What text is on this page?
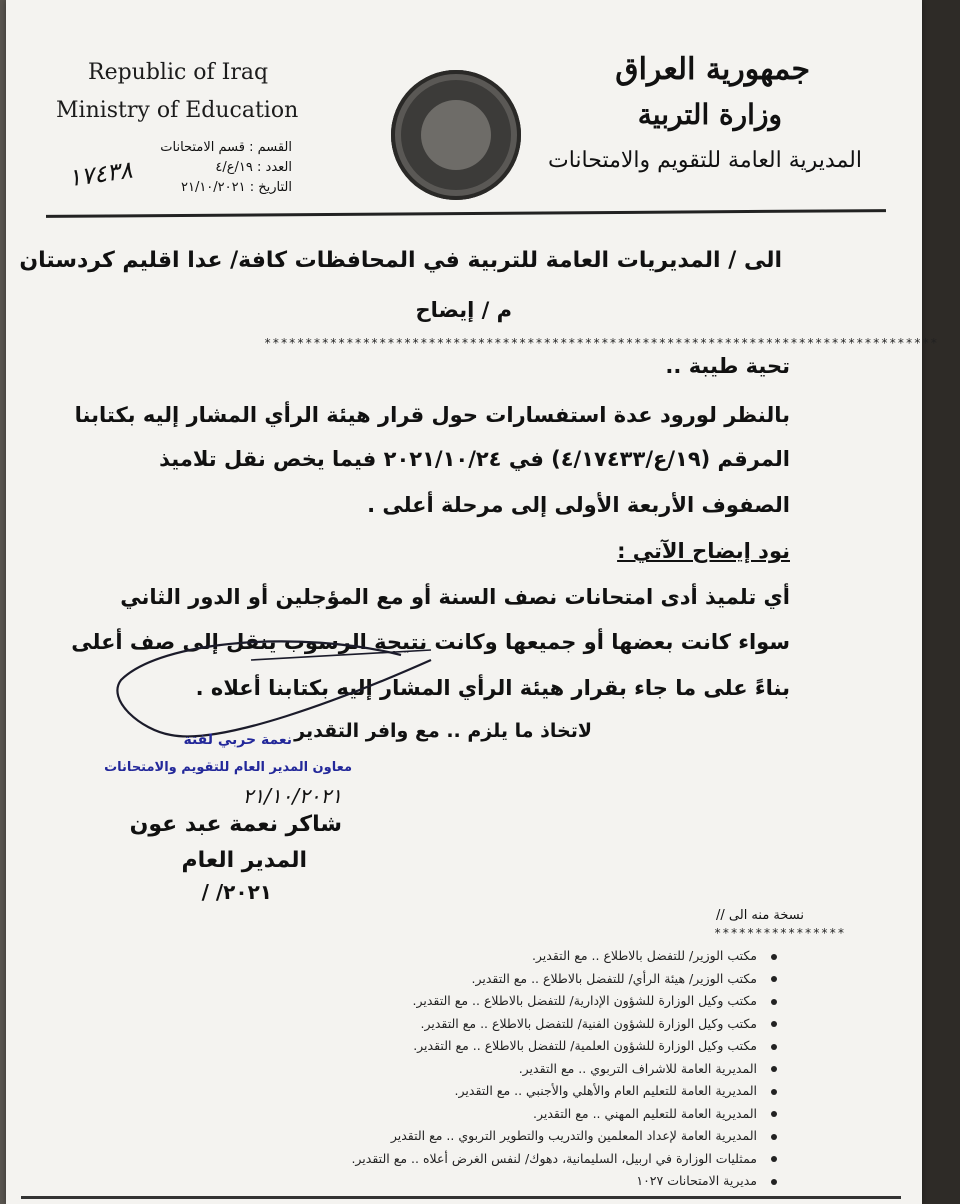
Republic of Iraq
Ministry of Education
جمهورية العراق
وزارة التربية
المديرية العامة للتقويم والامتحانات
القسم : قسم الامتحانات
العدد : ١٩/ع/٤
التاريخ : ٢١/١٠/٢٠٢١
١٧٤٣٨
الى / المديريات العامة للتربية في المحافظات كافة/ عدا اقليم كردستان
م / إيضاح
**********************************************************************************
تحية طيبة ..
بالنظر لورود عدة استفسارات حول قرار هيئة الرأي المشار إليه بكتابنا
المرقم (١٩/ع/٤/١٧٤٣٣) في ٢٠٢١/١٠/٢٤ فيما يخص نقل تلاميذ
الصفوف الأربعة الأولى إلى مرحلة أعلى .
نود إيضاح الآتي :
أي تلميذ أدى امتحانات نصف السنة أو مع المؤجلين أو الدور الثاني
سواء كانت بعضها أو جميعها وكانت نتيجة الرسوب ينقل إلى صف أعلى
بناءً على ما جاء بقرار هيئة الرأي المشار إليه بكتابنا أعلاه .
لاتخاذ ما يلزم .. مع وافر التقدير
نعمة حربي لفتة
معاون المدير العام للتقويم والامتحانات
٢١/١٠/٢٠٢١
شاكر نعمة عبد عون
المدير العام
/ /٢٠٢١
نسخة منه الى //
****************
مكتب الوزير/ للتفضل بالاطلاع .. مع التقدير.
مكتب الوزير/ هيئة الرأي/ للتفضل بالاطلاع .. مع التقدير.
مكتب وكيل الوزارة للشؤون الإدارية/ للتفضل بالاطلاع .. مع التقدير.
مكتب وكيل الوزارة للشؤون الفنية/ للتفضل بالاطلاع .. مع التقدير.
مكتب وكيل الوزارة للشؤون العلمية/ للتفضل بالاطلاع .. مع التقدير.
المديرية العامة للاشراف التربوي .. مع التقدير.
المديرية العامة للتعليم العام والأهلي والأجنبي .. مع التقدير.
المديرية العامة للتعليم المهني .. مع التقدير.
المديرية العامة لإعداد المعلمين والتدريب والتطوير التربوي .. مع التقدير
ممثليات الوزارة في اربيل، السليمانية، دهوك/ لنفس الغرض أعلاه .. مع التقدير.
مديرية الامتحانات ١٠٢٧
